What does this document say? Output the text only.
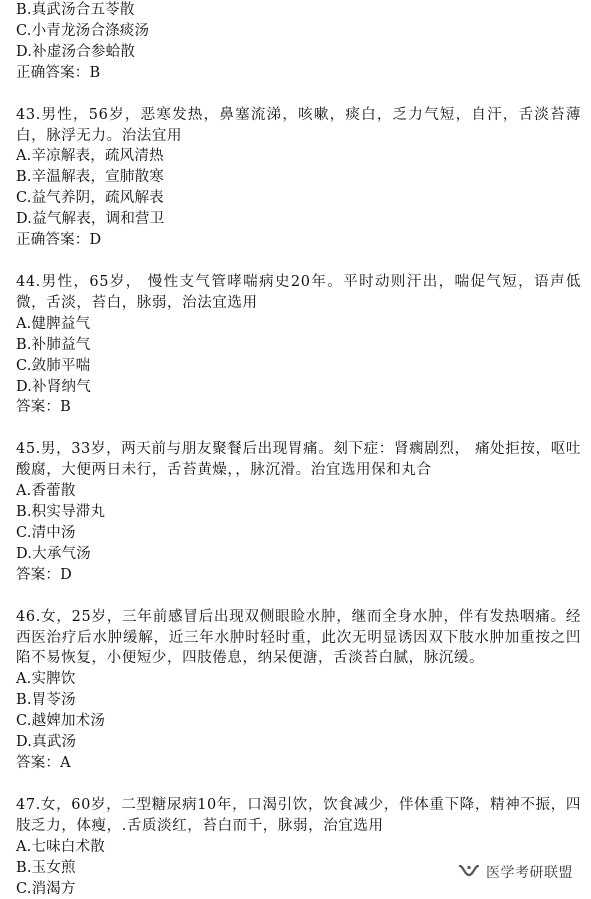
B.真武汤合五苓散
C.小青龙汤合涤痰汤
D.补虚汤合参蛤散
正确答案：B
43.男性，56岁，恶寒发热，鼻塞流涕，咳嗽，痰白，乏力气短，自汗，舌淡苔薄白，脉浮无力。治法宜用
A.辛凉解表，疏风清热
B.辛温解表，宣肺散寒
C.益气养阴，疏风解表
D.益气解表，调和营卫
正确答案：D
44.男性，65岁， 慢性支气管哮喘病史20年。平时动则汗出，喘促气短，语声低微，舌淡，苔白，脉弱，治法宜选用
A.健脾益气
B.补肺益气
C.敛肺平喘
D.补肾纳气
答案：B
45.男，33岁，两天前与朋友聚餐后出现胃痛。刻下症：肾瘸剧烈， 痛处拒按，呕吐酸腐，大便两日未行，舌苔黄燥，，脉沉滑。治宜选用保和丸合
A.香蕾散
B.积实导滞丸
C.清中汤
D.大承气汤
答案：D
46.女，25岁，三年前感冒后出现双侧眼睑水肿，继而全身水肿，伴有发热咽痛。经西医治疗后水肿缓解，近三年水肿时轻时重，此次无明显诱因双下肢水肿加重按之凹陷不易恢复，小便短少，四肢倦息，纳呆便溏，舌淡苔白腻，脉沉缓。
A.实脾饮
B.胃苓汤
C.越婢加术汤
D.真武汤
答案：A
47.女，60岁，二型糖尿病10年，口渴引饮，饮食减少，伴体重下降，精神不振，四肢乏力，体瘦，.舌质淡红，苔白而千，脉弱，治宜选用
A.七味白术散
B.玉女煎
C.消渴方
医学考研联盟
